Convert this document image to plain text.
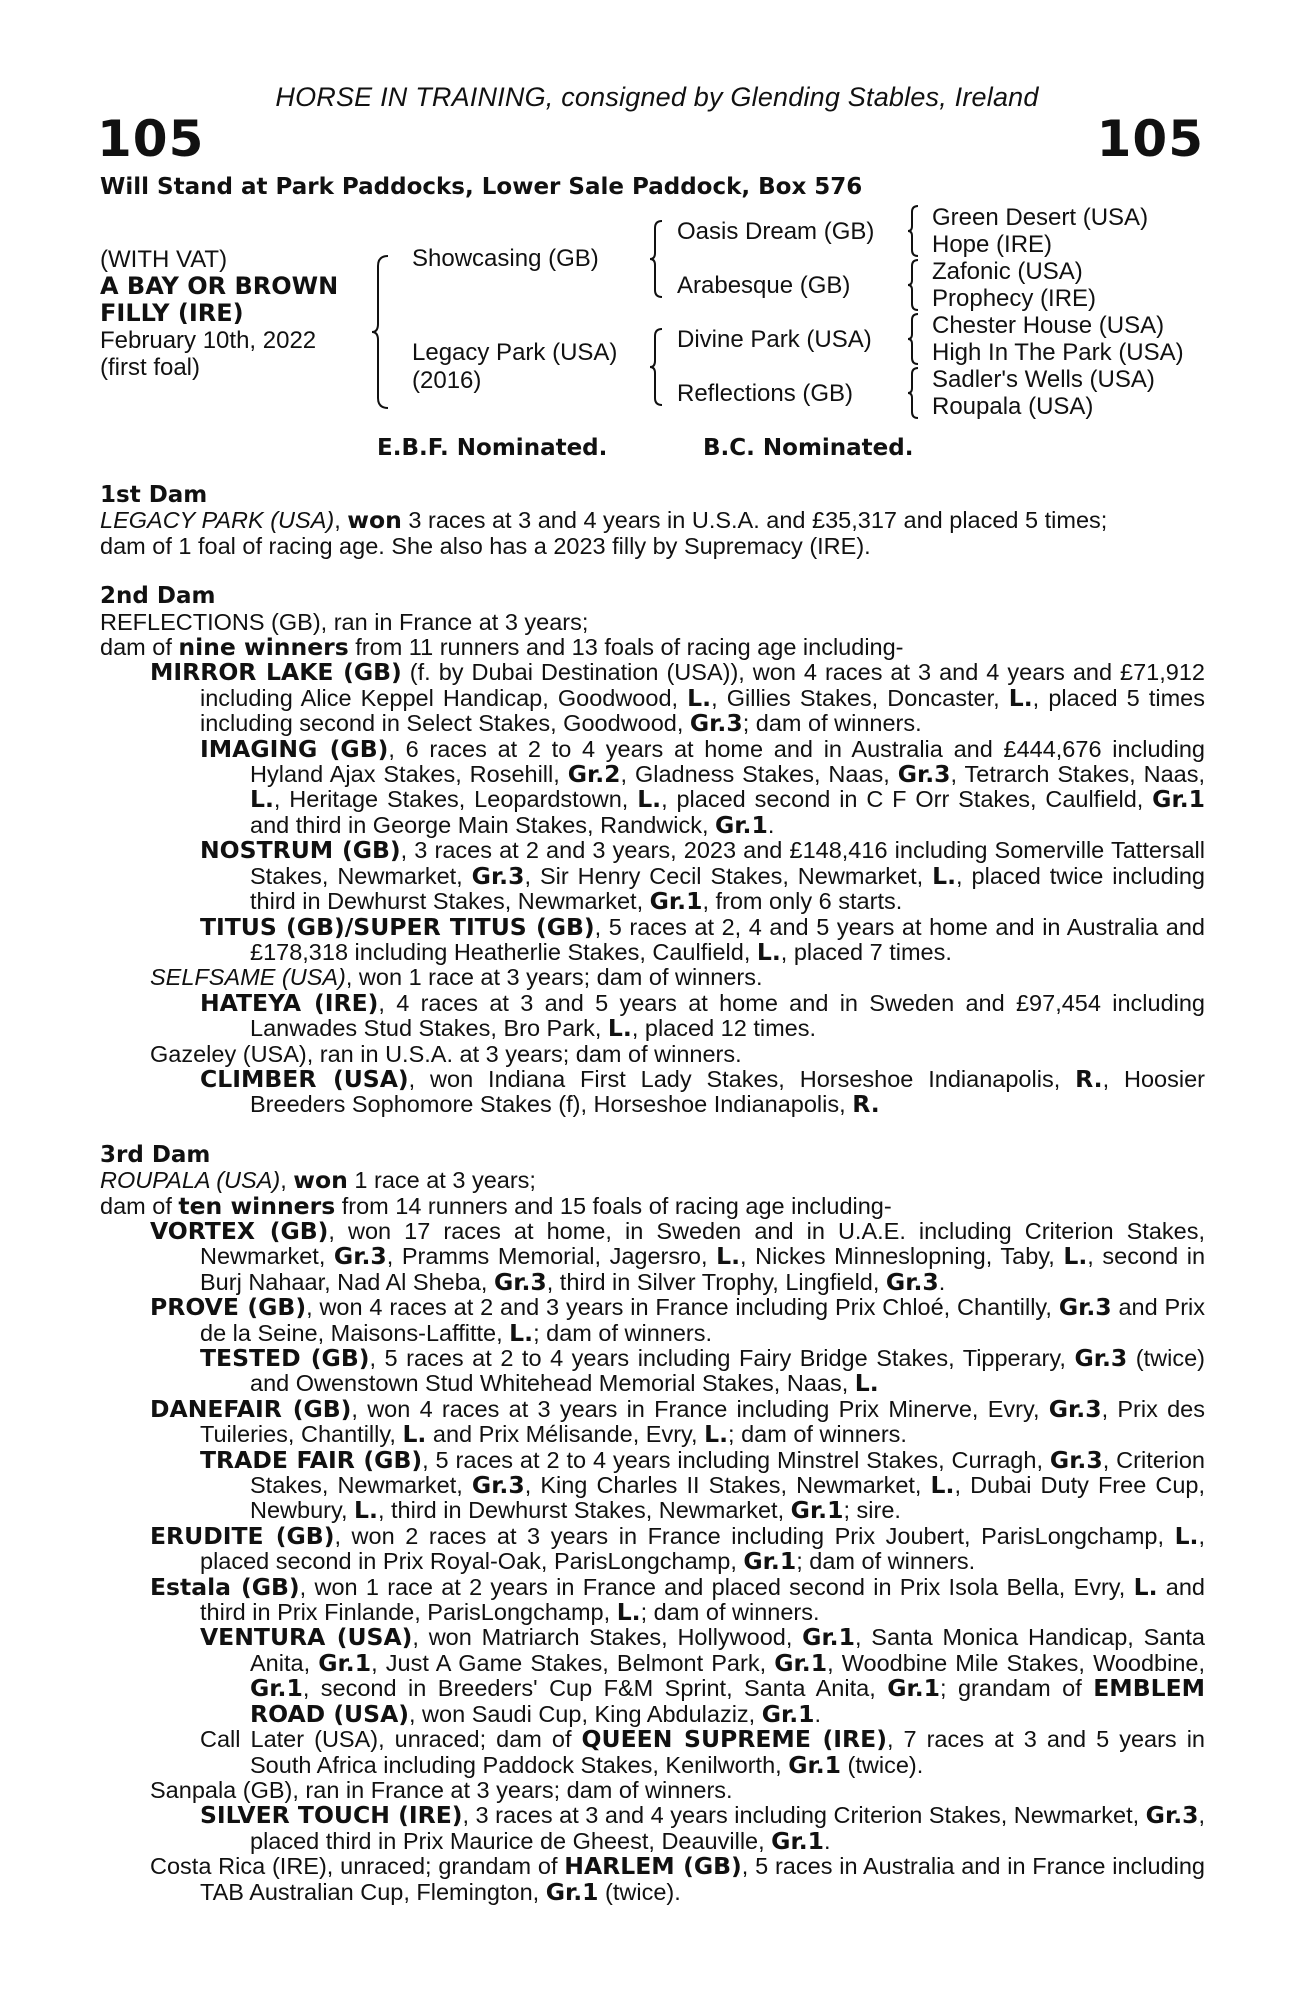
HORSE IN TRAINING, consigned by Glending Stables, Ireland
105	105
Will Stand at Park Paddocks, Lower Sale Paddock, Box 576
(WITH VAT)
A BAY OR BROWN
FILLY (IRE)
February 10th, 2022
(first foal)
Showcasing (GB)
Legacy Park (USA)
(2016)
Oasis Dream (GB)
Arabesque (GB)
Divine Park (USA)
Reflections (GB)
Green Desert (USA)
Hope (IRE)
Zafonic (USA)
Prophecy (IRE)
Chester House (USA)
High In The Park (USA)
Sadler's Wells (USA)
Roupala (USA)
E.B.F. Nominated.	B.C. Nominated.
1st Dam
LEGACY PARK (USA), won 3 races at 3 and 4 years in U.S.A. and £35,317 and placed 5 times;
dam of 1 foal of racing age. She also has a 2023 filly by Supremacy (IRE).
2nd Dam
REFLECTIONS (GB), ran in France at 3 years;
dam of nine winners from 11 runners and 13 foals of racing age including-
MIRROR LAKE (GB) (f. by Dubai Destination (USA)), won 4 races at 3 and 4 years and £71,912 including Alice Keppel Handicap, Goodwood, L., Gillies Stakes, Doncaster, L., placed 5 times including second in Select Stakes, Goodwood, Gr.3; dam of winners.
IMAGING (GB), 6 races at 2 to 4 years at home and in Australia and £444,676 including Hyland Ajax Stakes, Rosehill, Gr.2, Gladness Stakes, Naas, Gr.3, Tetrarch Stakes, Naas, L., Heritage Stakes, Leopardstown, L., placed second in C F Orr Stakes, Caulfield, Gr.1 and third in George Main Stakes, Randwick, Gr.1.
NOSTRUM (GB), 3 races at 2 and 3 years, 2023 and £148,416 including Somerville Tattersall Stakes, Newmarket, Gr.3, Sir Henry Cecil Stakes, Newmarket, L., placed twice including third in Dewhurst Stakes, Newmarket, Gr.1, from only 6 starts.
TITUS (GB)/SUPER TITUS (GB), 5 races at 2, 4 and 5 years at home and in Australia and £178,318 including Heatherlie Stakes, Caulfield, L., placed 7 times.
SELFSAME (USA), won 1 race at 3 years; dam of winners.
HATEYA (IRE), 4 races at 3 and 5 years at home and in Sweden and £97,454 including Lanwades Stud Stakes, Bro Park, L., placed 12 times.
Gazeley (USA), ran in U.S.A. at 3 years; dam of winners.
CLIMBER (USA), won Indiana First Lady Stakes, Horseshoe Indianapolis, R., Hoosier Breeders Sophomore Stakes (f), Horseshoe Indianapolis, R.
3rd Dam
ROUPALA (USA), won 1 race at 3 years;
dam of ten winners from 14 runners and 15 foals of racing age including-
VORTEX (GB), won 17 races at home, in Sweden and in U.A.E. including Criterion Stakes, Newmarket, Gr.3, Pramms Memorial, Jagersro, L., Nickes Minneslopning, Taby, L., second in Burj Nahaar, Nad Al Sheba, Gr.3, third in Silver Trophy, Lingfield, Gr.3.
PROVE (GB), won 4 races at 2 and 3 years in France including Prix Chloé, Chantilly, Gr.3 and Prix de la Seine, Maisons-Laffitte, L.; dam of winners.
TESTED (GB), 5 races at 2 to 4 years including Fairy Bridge Stakes, Tipperary, Gr.3 (twice) and Owenstown Stud Whitehead Memorial Stakes, Naas, L.
DANEFAIR (GB), won 4 races at 3 years in France including Prix Minerve, Evry, Gr.3, Prix des Tuileries, Chantilly, L. and Prix Mélisande, Evry, L.; dam of winners.
TRADE FAIR (GB), 5 races at 2 to 4 years including Minstrel Stakes, Curragh, Gr.3, Criterion Stakes, Newmarket, Gr.3, King Charles II Stakes, Newmarket, L., Dubai Duty Free Cup, Newbury, L., third in Dewhurst Stakes, Newmarket, Gr.1; sire.
ERUDITE (GB), won 2 races at 3 years in France including Prix Joubert, ParisLongchamp, L., placed second in Prix Royal-Oak, ParisLongchamp, Gr.1; dam of winners.
Estala (GB), won 1 race at 2 years in France and placed second in Prix Isola Bella, Evry, L. and third in Prix Finlande, ParisLongchamp, L.; dam of winners.
VENTURA (USA), won Matriarch Stakes, Hollywood, Gr.1, Santa Monica Handicap, Santa Anita, Gr.1, Just A Game Stakes, Belmont Park, Gr.1, Woodbine Mile Stakes, Woodbine, Gr.1, second in Breeders' Cup F&M Sprint, Santa Anita, Gr.1; grandam of EMBLEM ROAD (USA), won Saudi Cup, King Abdulaziz, Gr.1.
Call Later (USA), unraced; dam of QUEEN SUPREME (IRE), 7 races at 3 and 5 years in South Africa including Paddock Stakes, Kenilworth, Gr.1 (twice).
Sanpala (GB), ran in France at 3 years; dam of winners.
SILVER TOUCH (IRE), 3 races at 3 and 4 years including Criterion Stakes, Newmarket, Gr.3, placed third in Prix Maurice de Gheest, Deauville, Gr.1.
Costa Rica (IRE), unraced; grandam of HARLEM (GB), 5 races in Australia and in France including TAB Australian Cup, Flemington, Gr.1 (twice).
